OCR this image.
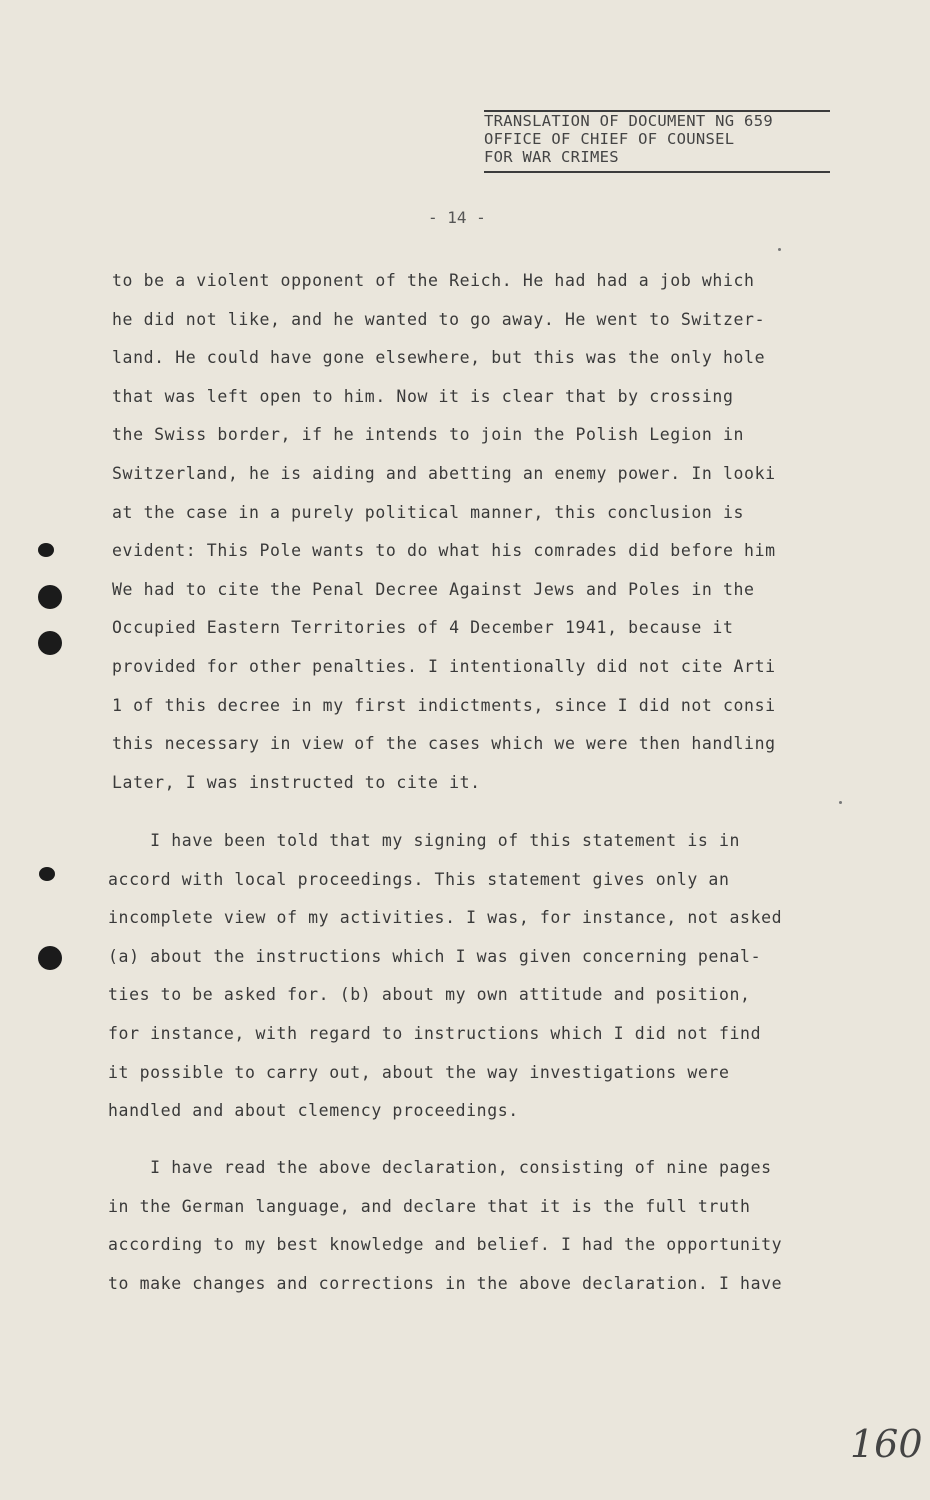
TRANSLATION OF DOCUMENT NG 659
OFFICE OF CHIEF OF COUNSEL
FOR WAR CRIMES
- 14 -
to be a violent opponent of the Reich. He had had a job which
he did not like, and he wanted to go away. He went to Switzer-
land. He could have gone elsewhere, but this was the only hole
that was left open to him. Now it is clear that by crossing
the Swiss border, if he intends to join the Polish Legion in
Switzerland, he is aiding and abetting an enemy power. In looki
at the case in a purely political manner, this conclusion is
evident: This Pole wants to do what his comrades did before him
We had to cite the Penal Decree Against Jews and Poles in the
Occupied Eastern Territories of 4 December 1941, because it
provided for other penalties. I intentionally did not cite Arti
1 of this decree in my first indictments, since I did not consi
this necessary in view of the cases which we were then handling
Later, I was instructed to cite it.
I have been told that my signing of this statement is in
accord with local proceedings. This statement gives only an
incomplete view of my activities. I was, for instance, not asked
(a) about the instructions which I was given concerning penal-
ties to be asked for. (b) about my own attitude and position,
for instance, with regard to instructions which I did not find
it possible to carry out, about the way investigations were
handled and about clemency proceedings.
I have read the above declaration, consisting of nine pages
in the German language, and declare that it is the full truth
according to my best knowledge and belief. I had the opportunity
to make changes and corrections in the above declaration. I have
160
